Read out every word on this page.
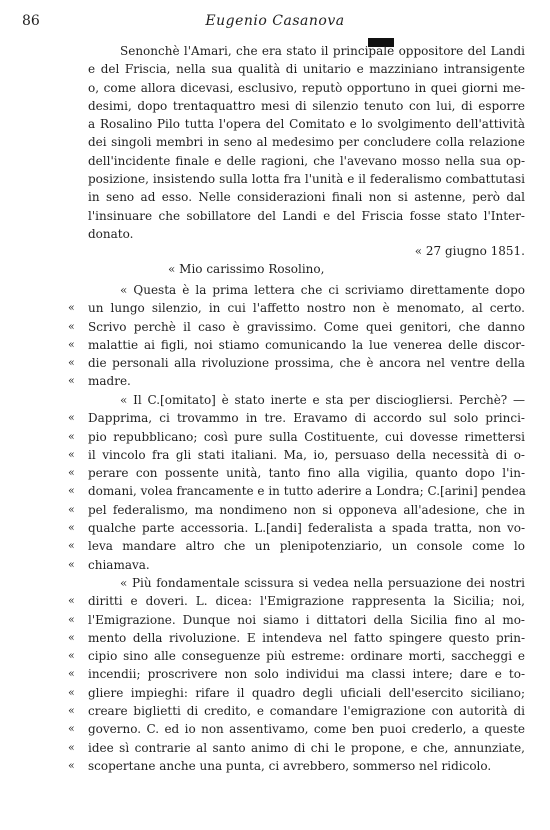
86	Eugenio Casanova
Senonchè l'Amari, che era stato il principale oppositore del Landi
e del Friscia, nella sua qualità di unitario e mazziniano intransigente
o, come allora dicevasi, esclusivo, reputò opportuno in quei giorni me-
desimi, dopo trentaquattro mesi di silenzio tenuto con lui, di esporre
a Rosalino Pilo tutta l'opera del Comitato e lo svolgimento dell'attività
dei singoli membri in seno al medesimo per concludere colla relazione
dell'incidente finale e delle ragioni, che l'avevano mosso nella sua op-
posizione, insistendo sulla lotta fra l'unità e il federalismo combattutasi
in seno ad esso. Nelle considerazioni finali non si astenne, però dal
l'insinuare che sobillatore del Landi e del Friscia fosse stato l'Inter-
donato.
« 27 giugno 1851.
« Mio carissimo Rosolino,
« Questa è la prima lettera che ci scriviamo direttamente dopo
«	un lungo silenzio, in cui l'affetto nostro non è menomato, al certo.
«	Scrivo perchè il caso è gravissimo. Come quei genitori, che danno
«	malattie ai figli, noi stiamo comunicando la lue venerea delle discor-
«	die personali alla rivoluzione prossima, che è ancora nel ventre della
«	madre.
« Il C.[omitato] è stato inerte e sta per disciogliersi. Perchè? —
«	Dapprima, ci trovammo in tre. Eravamo di accordo sul solo princi-
«	pio repubblicano; così pure sulla Costituente, cui dovesse rimettersi
«	il vincolo fra gli stati italiani. Ma, io, persuaso della necessità di o-
«	perare con possente unità, tanto fino alla vigilia, quanto dopo l'in-
«	domani, volea francamente e in tutto aderire a Londra; C.[arini] pendea
«	pel federalismo, ma nondimeno non si opponeva all'adesione, che in
«	qualche parte accessoria. L.[andi] federalista a spada tratta, non vo-
«	leva mandare altro che un plenipotenziario, un console come lo
«	chiamava.
« Più fondamentale scissura si vedea nella persuazione dei nostri
«	diritti e doveri. L. dicea: l'Emigrazione rappresenta la Sicilia; noi,
«	l'Emigrazione. Dunque noi siamo i dittatori della Sicilia fino al mo-
«	mento della rivoluzione. E intendeva nel fatto spingere questo prin-
«	cipio sino alle conseguenze più estreme: ordinare morti, saccheggi e
«	incendii; proscrivere non solo individui ma classi intere; dare e to-
«	gliere impieghi: rifare il quadro degli uficiali dell'esercito siciliano;
«	creare biglietti di credito, e comandare l'emigrazione con autorità di
«	governo. C. ed io non assentivamo, come ben puoi crederlo, a queste
«	idee sì contrarie al santo animo di chi le propone, e che, annunziate,
«	scopertane anche una punta, ci avrebbero, sommerso nel ridicolo.
